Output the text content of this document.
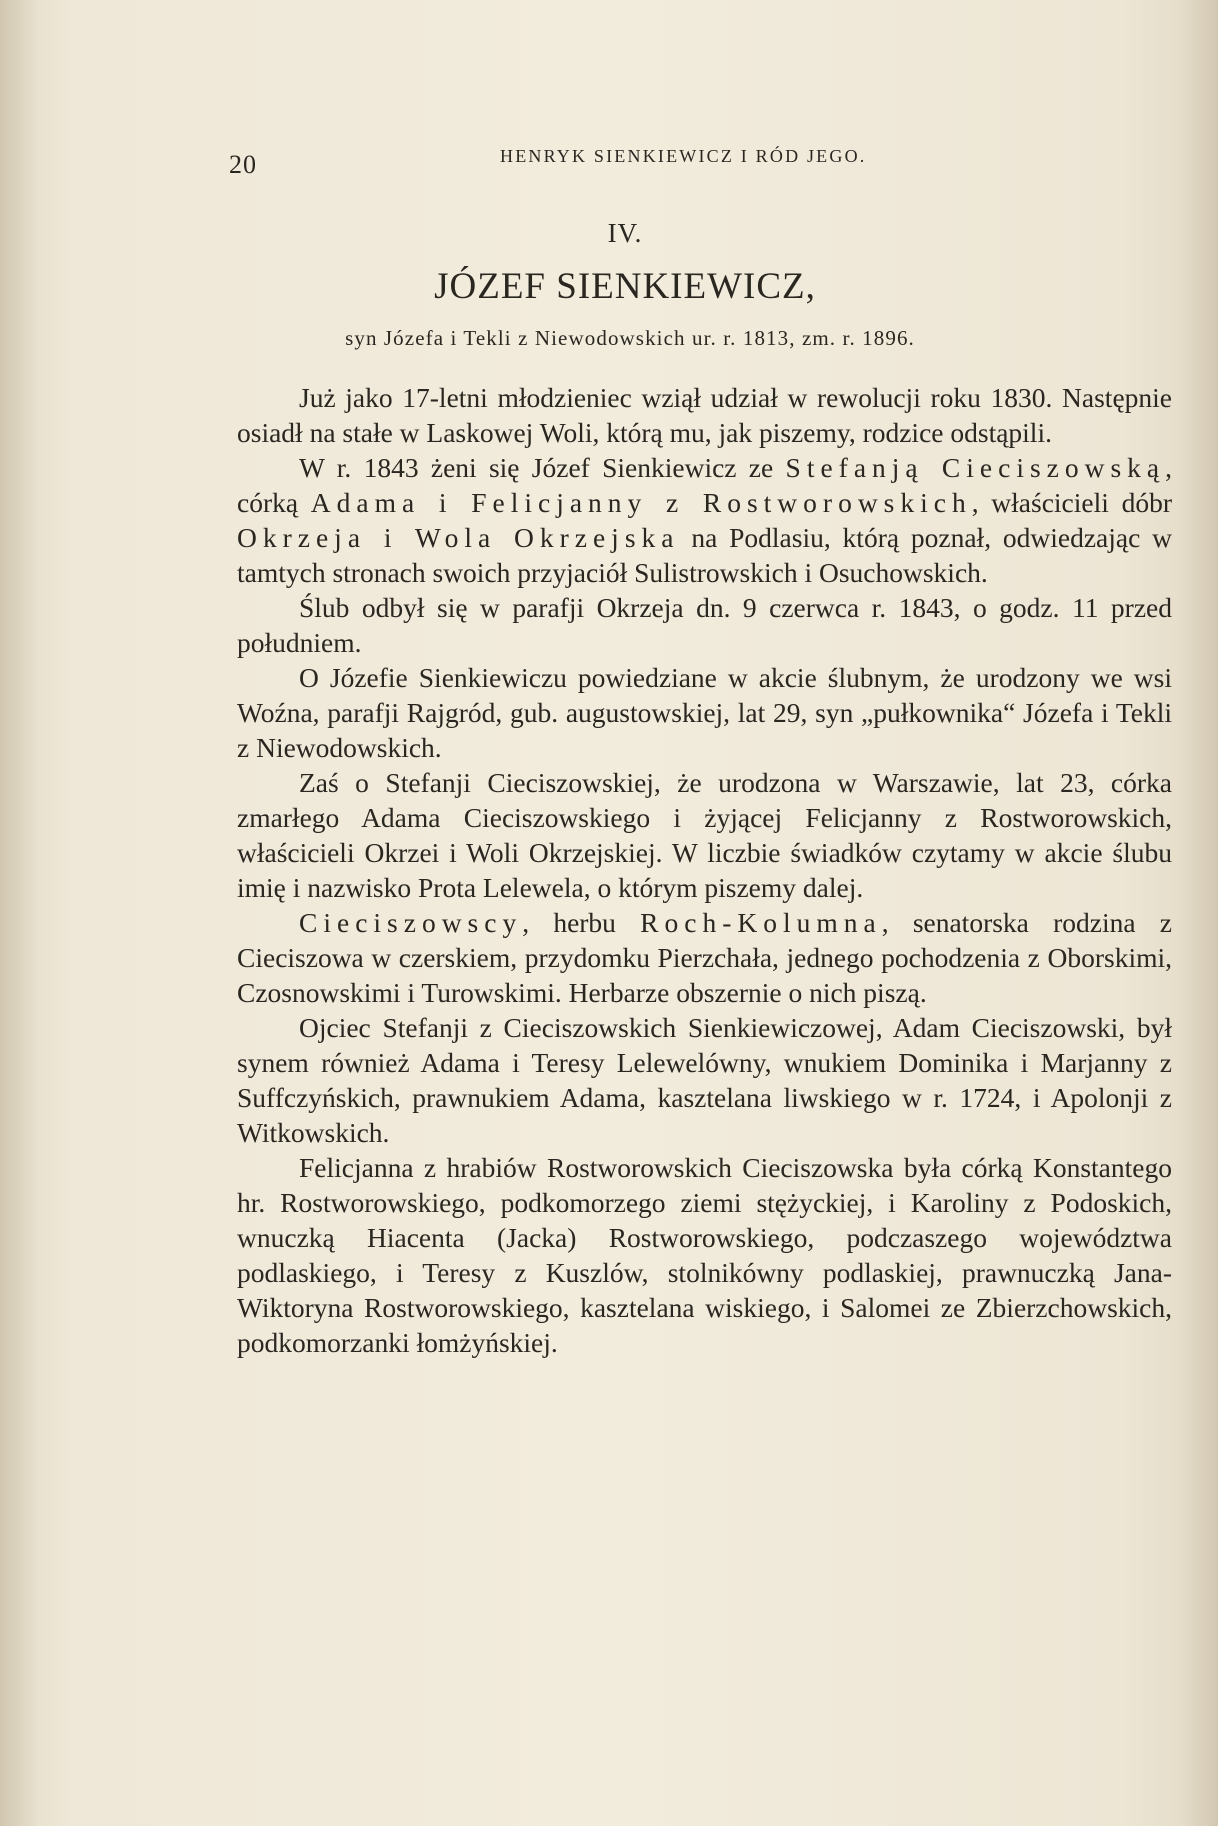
20	HENRYK SIENKIEWICZ I RÓD JEGO.
IV.
JÓZEF SIENKIEWICZ,
syn Józefa i Tekli z Niewodowskich ur. r. 1813, zm. r. 1896.

Już jako 17-letni młodzieniec wziął udział w rewolucji roku 1830. Następnie osiadł na stałe w Laskowej Woli, którą mu, jak piszemy, rodzice odstąpili.

W r. 1843 żeni się Józef Sienkiewicz ze Stefanją Cieciszowską, córką Adama i Felicjanny z Rostworowskich, właścicieli dóbr Okrzeja i Wola Okrzejska na Podlasiu, którą poznał, odwiedzając w tamtych stronach swoich przyjaciół Sulistrowskich i Osuchowskich.

Ślub odbył się w parafji Okrzeja dn. 9 czerwca r. 1843, o godz. 11 przed południem.

O Józefie Sienkiewiczu powiedziane w akcie ślubnym, że urodzony we wsi Woźna, parafji Rajgród, gub. augustowskiej, lat 29, syn „pułkownika“ Józefa i Tekli z Niewodowskich.

Zaś o Stefanji Cieciszowskiej, że urodzona w Warszawie, lat 23, córka zmarłego Adama Cieciszowskiego i żyjącej Felicjanny z Rostworowskich, właścicieli Okrzei i Woli Okrzejskiej. W liczbie świadków czytamy w akcie ślubu imię i nazwisko Prota Lelewela, o którym piszemy dalej.

Cieciszowscy, herbu Roch-Kolumna, senatorska rodzina z Cieciszowa w czerskiem, przydomku Pierzchała, jednego pochodzenia z Oborskimi, Czosnowskimi i Turowskimi. Herbarze obszernie o nich piszą.

Ojciec Stefanji z Cieciszowskich Sienkiewiczowej, Adam Cieciszowski, był synem również Adama i Teresy Lelewelówny, wnukiem Dominika i Marjanny z Suffczyńskich, prawnukiem Adama, kasztelana liwskiego w r. 1724, i Apolonji z Witkowskich.

Felicjanna z hrabiów Rostworowskich Cieciszowska była córką Konstantego hr. Rostworowskiego, podkomorzego ziemi stężyckiej, i Karoliny z Podoskich, wnuczką Hiacenta (Jacka) Rostworowskiego, podczaszego województwa podlaskiego, i Teresy z Kuszlów, stolnikówny podlaskiej, prawnuczką Jana-Wiktoryna Rostworowskiego, kasztelana wiskiego, i Salomei ze Zbierzchowskich, podkomorzanki łomżyńskiej.
